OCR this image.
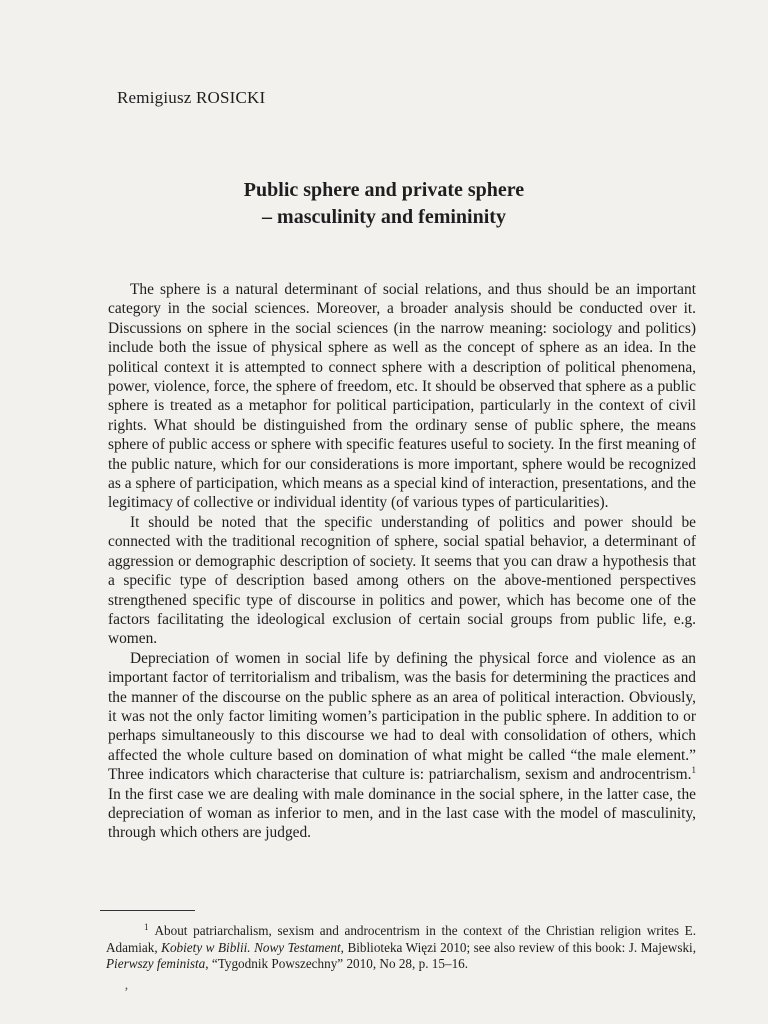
Remigiusz ROSICKI
Public sphere and private sphere
– masculinity and femininity

The sphere is a natural determinant of social relations, and thus should be an important category in the social sciences. Moreover, a broader analysis should be conducted over it. Discussions on sphere in the social sciences (in the narrow meaning: sociology and politics) include both the issue of physical sphere as well as the concept of sphere as an idea. In the political context it is attempted to connect sphere with a description of political phenomena, power, violence, force, the sphere of freedom, etc. It should be observed that sphere as a public sphere is treated as a metaphor for political participation, particularly in the context of civil rights. What should be distinguished from the ordinary sense of public sphere, the means sphere of public access or sphere with specific features useful to society. In the first meaning of the public nature, which for our considerations is more important, sphere would be recognized as a sphere of participation, which means as a special kind of interaction, presentations, and the legitimacy of collective or individual identity (of various types of particularities).

It should be noted that the specific understanding of politics and power should be connected with the traditional recognition of sphere, social spatial behavior, a determinant of aggression or demographic description of society. It seems that you can draw a hypothesis that a specific type of description based among others on the above-mentioned perspectives strengthened specific type of discourse in politics and power, which has become one of the factors facilitating the ideological exclusion of certain social groups from public life, e.g. women.

Depreciation of women in social life by defining the physical force and violence as an important factor of territorialism and tribalism, was the basis for determining the practices and the manner of the discourse on the public sphere as an area of political interaction. Obviously, it was not the only factor limiting women’s participation in the public sphere. In addition to or perhaps simultaneously to this discourse we had to deal with consolidation of others, which affected the whole culture based on domination of what might be called “the male element.” Three indicators which characterise that culture is: patriarchalism, sexism and androcentrism.$^1$ In the first case we are dealing with male dominance in the social sphere, in the latter case, the depreciation of woman as inferior to men, and in the last case with the model of masculinity, through which others are judged.

$^1$ About patriarchalism, sexism and androcentrism in the context of the Christian religion writes E. Adamiak, Kobiety w Biblii. Nowy Testament, Biblioteka Więzi 2010; see also review of this book: J. Majewski, Pierwszy feminista, “Tygodnik Powszechny” 2010, No 28, p. 15–16.

‚
